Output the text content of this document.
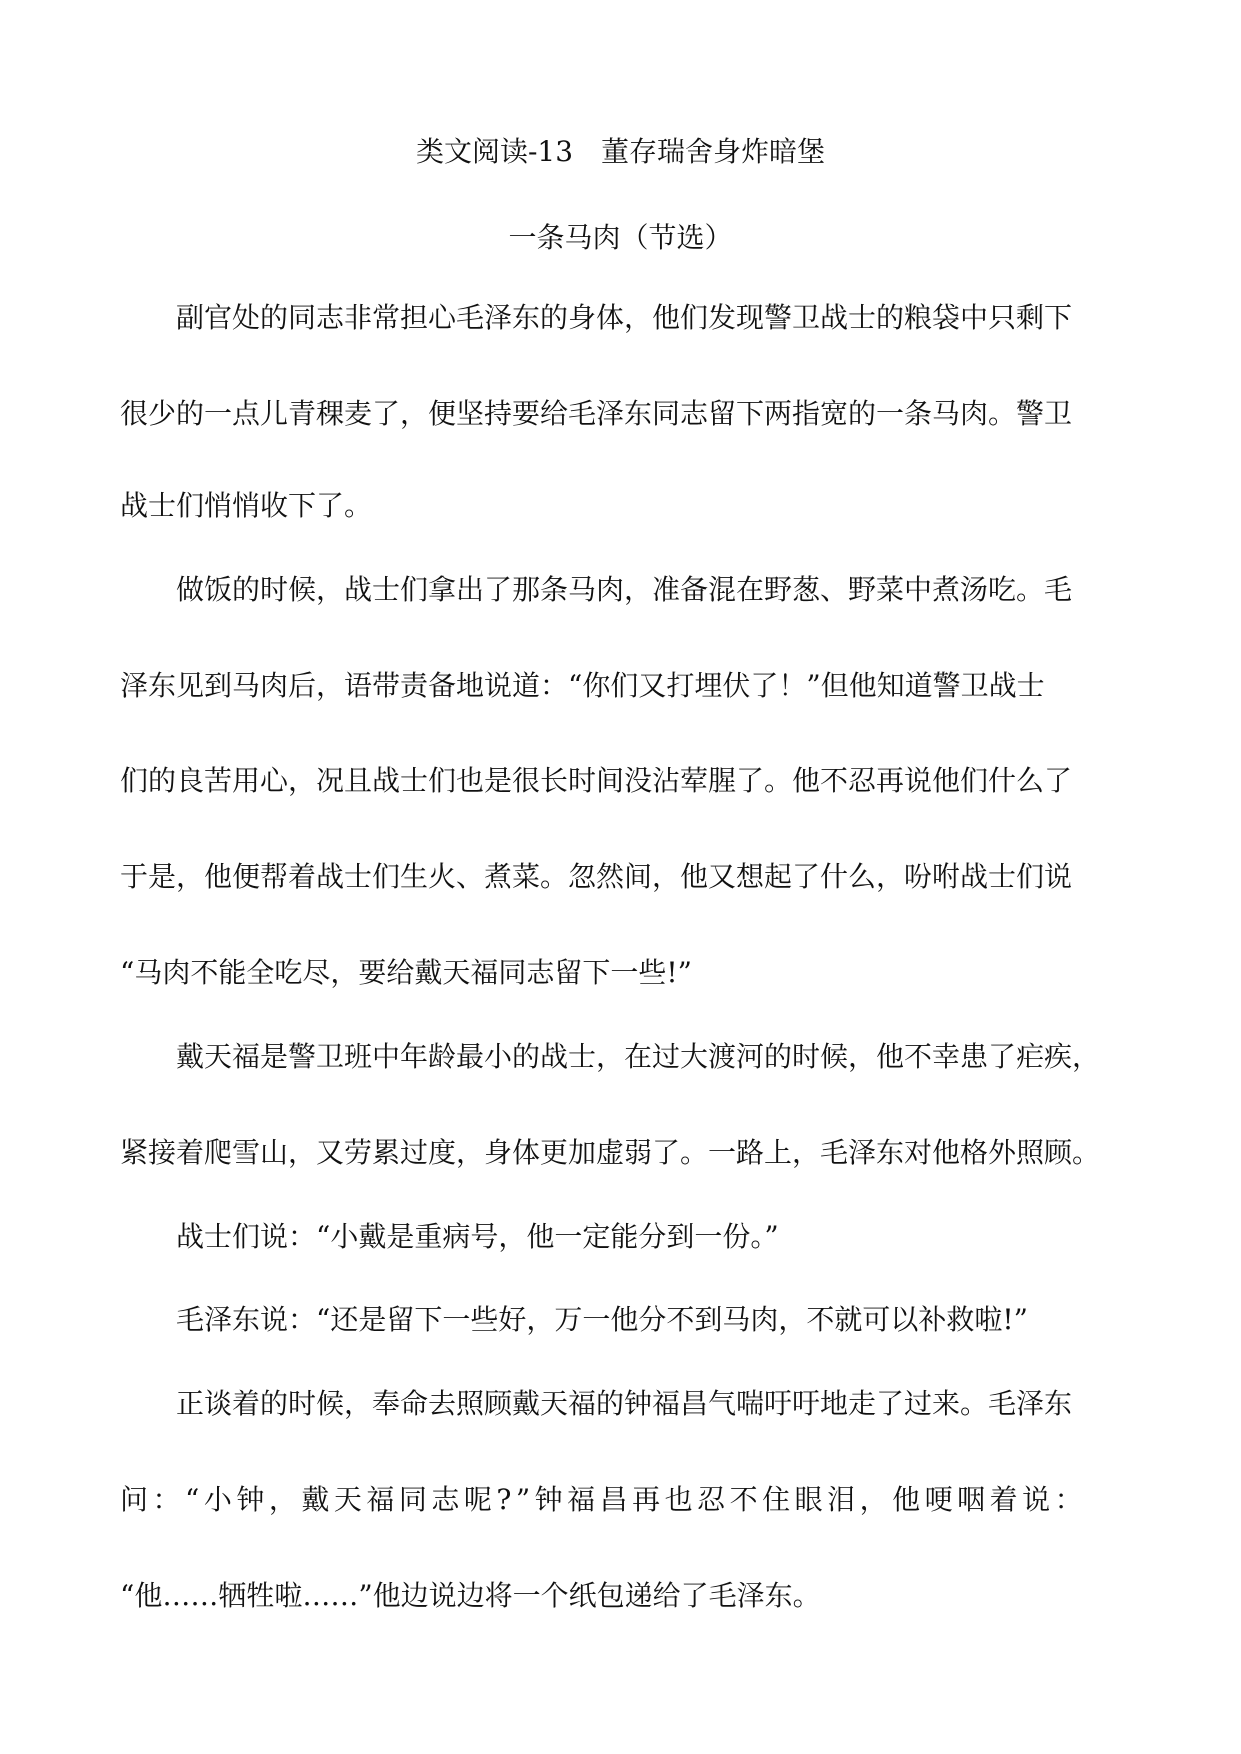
类文阅读-13　董存瑞舍身炸暗堡
一条马肉（节选）

副官处的同志非常担心毛泽东的身体，他们发现警卫战士的粮袋中只剩下

很少的一点儿青稞麦了，便坚持要给毛泽东同志留下两指宽的一条马肉。警卫

战士们悄悄收下了。

做饭的时候，战士们拿出了那条马肉，准备混在野葱、野菜中煮汤吃。毛

泽东见到马肉后，语带责备地说道：“你们又打埋伏了！”但他知道警卫战士

们的良苦用心，况且战士们也是很长时间没沾荤腥了。他不忍再说他们什么了

于是，他便帮着战士们生火、煮菜。忽然间，他又想起了什么，吩咐战士们说

“马肉不能全吃尽，要给戴天福同志留下一些!”

戴天福是警卫班中年龄最小的战士，在过大渡河的时候，他不幸患了疟疾，

紧接着爬雪山，又劳累过度，身体更加虚弱了。一路上，毛泽东对他格外照顾。

战士们说：“小戴是重病号，他一定能分到一份。”

毛泽东说：“还是留下一些好，万一他分不到马肉，不就可以补救啦!”

正谈着的时候，奉命去照顾戴天福的钟福昌气喘吁吁地走了过来。毛泽东

问：“小钟，戴天福同志呢?”钟福昌再也忍不住眼泪，他哽咽着说：

“他……牺牲啦……”他边说边将一个纸包递给了毛泽东。
